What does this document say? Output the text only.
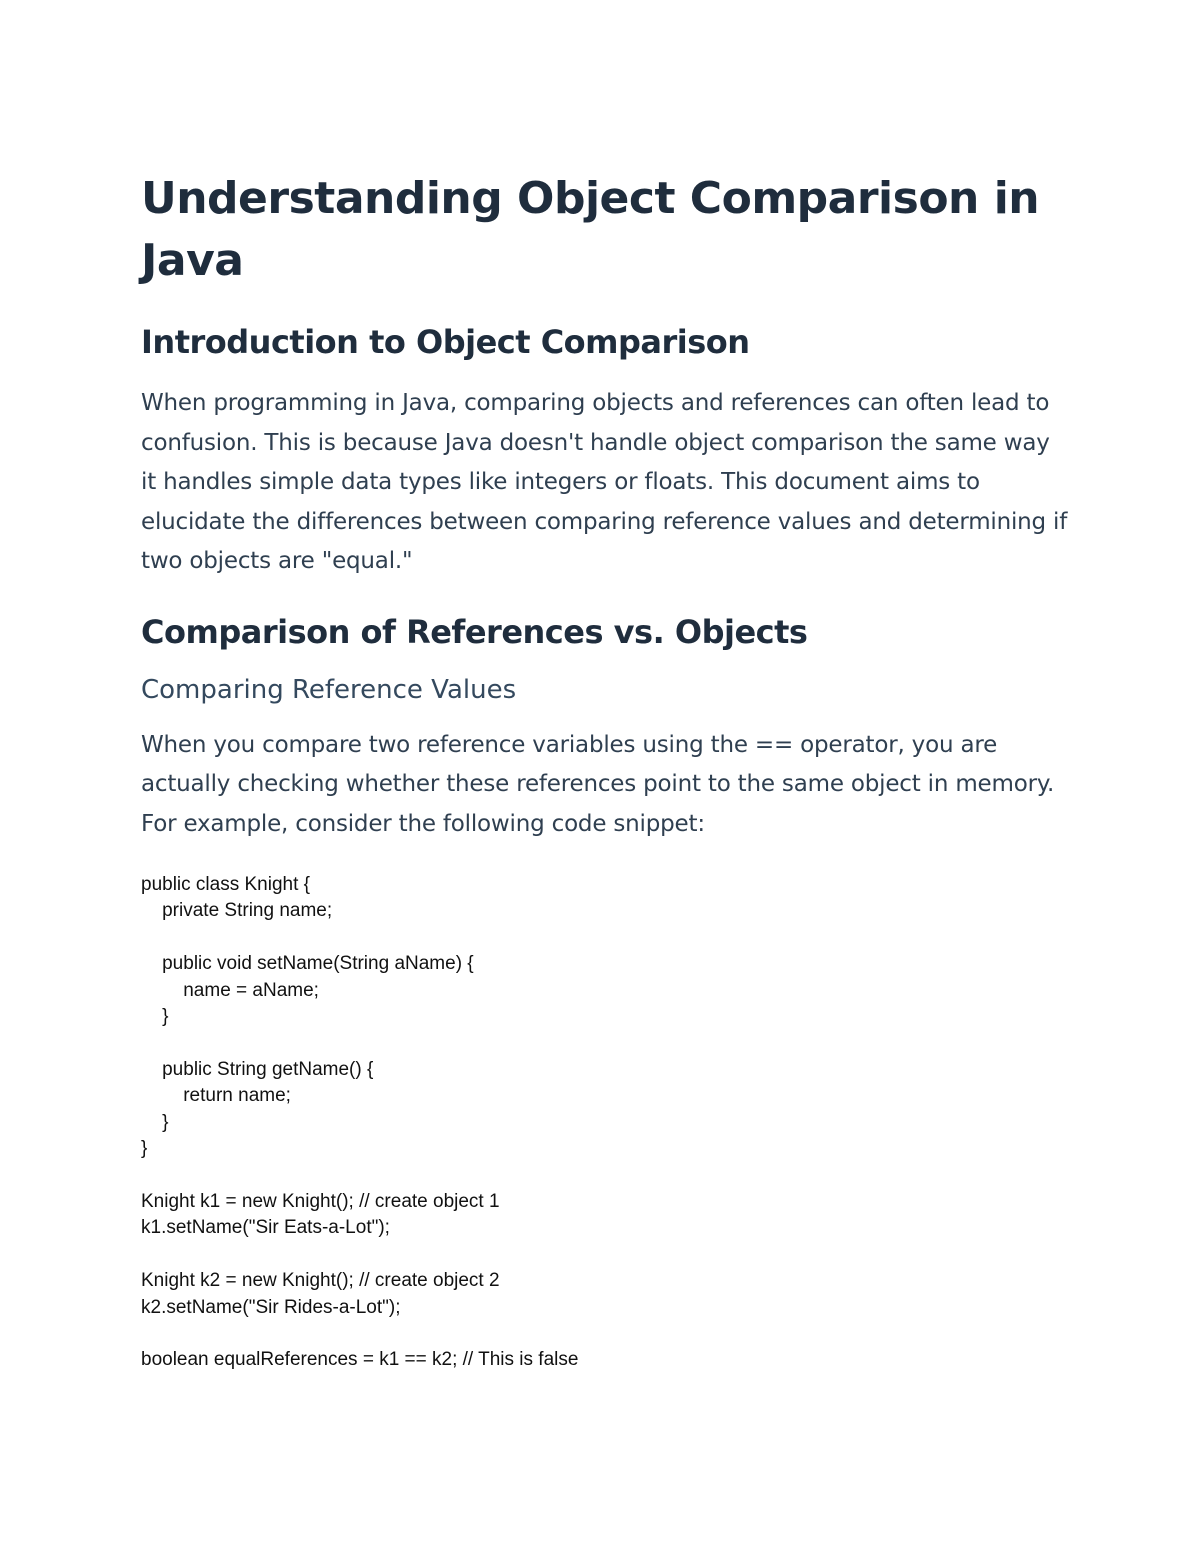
Understanding Object Comparison in Java
Introduction to Object Comparison

When programming in Java, comparing objects and references can often lead to confusion. This is because Java doesn't handle object comparison the same way it handles simple data types like integers or floats. This document aims to elucidate the differences between comparing reference values and determining if two objects are "equal."

Comparison of References vs. Objects
Comparing Reference Values

When you compare two reference variables using the == operator, you are actually checking whether these references point to the same object in memory. For example, consider the following code snippet:

public class Knight {
private String name;

public void setName(String aName) {
name = aName;
}

public String getName() {
return name;
}
}

Knight k1 = new Knight(); // create object 1
k1.setName("Sir Eats-a-Lot");

Knight k2 = new Knight(); // create object 2
k2.setName("Sir Rides-a-Lot");

boolean equalReferences = k1 == k2; // This is false
